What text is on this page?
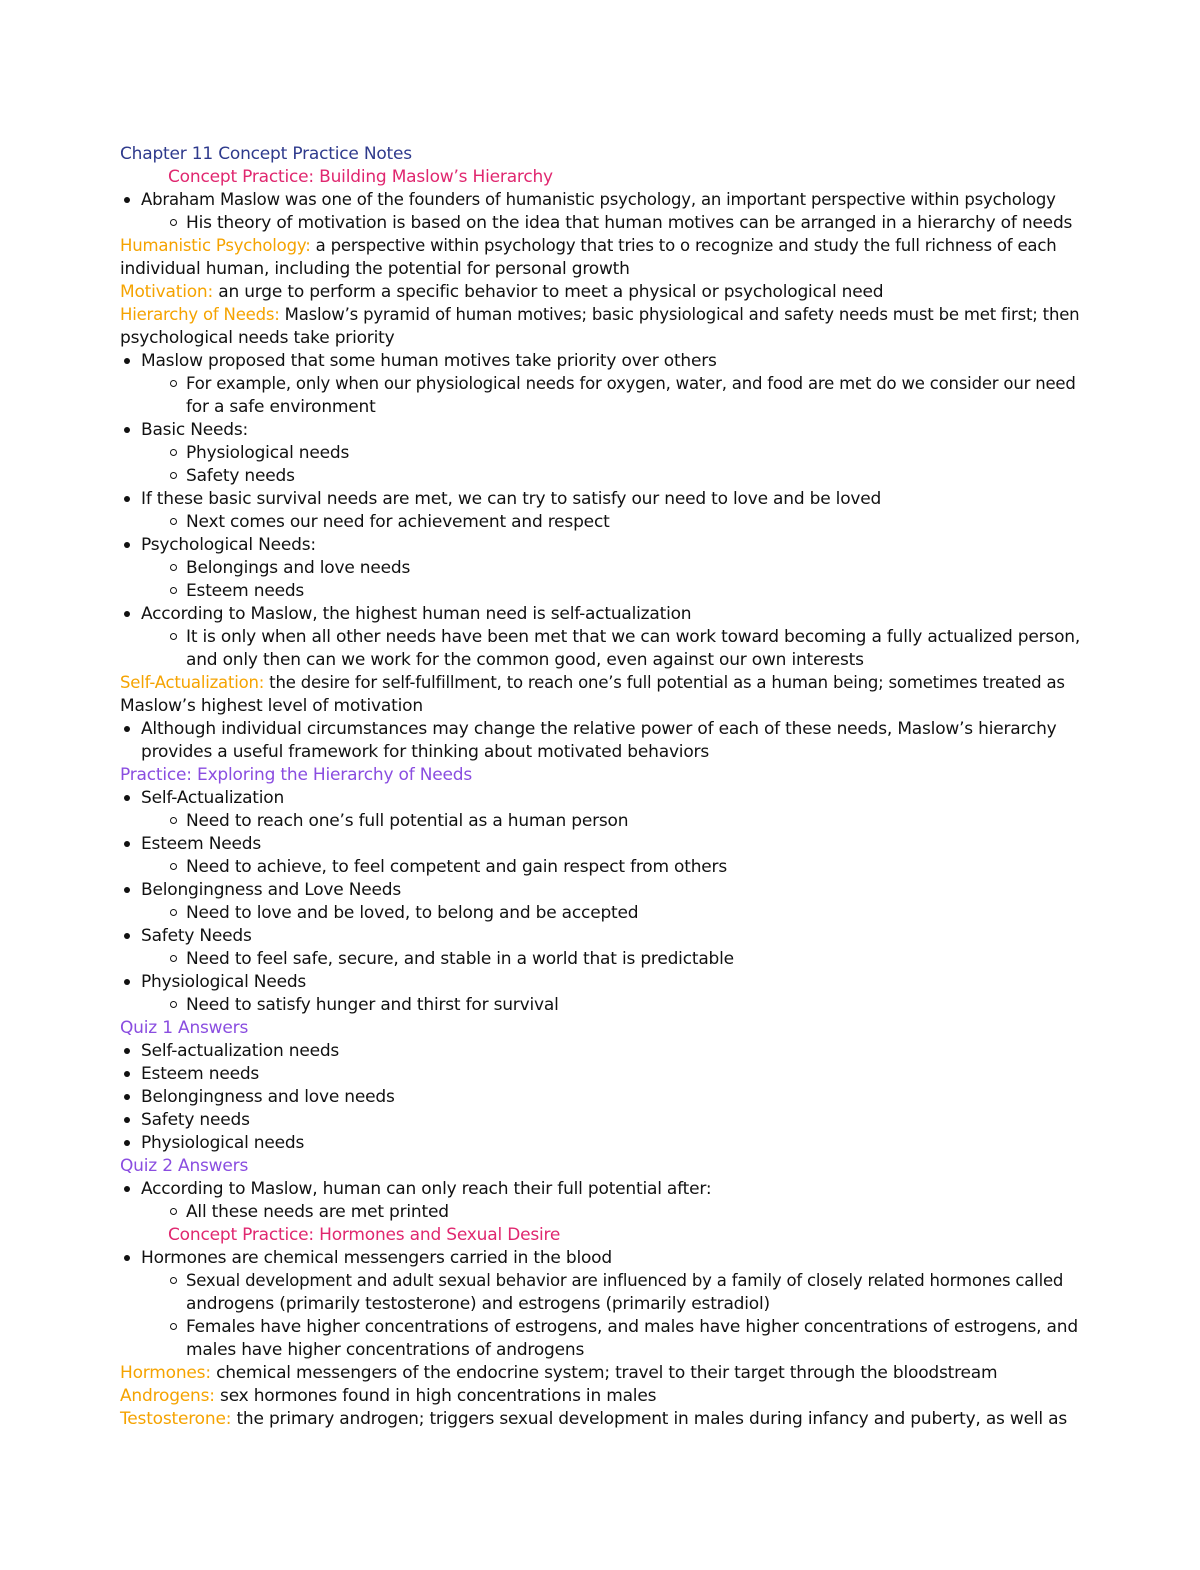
Chapter 11 Concept Practice Notes
Concept Practice: Building Maslow’s Hierarchy
Abraham Maslow was one of the founders of humanistic psychology, an important perspective within psychology
His theory of motivation is based on the idea that human motives can be arranged in a hierarchy of needs
Humanistic Psychology: a perspective within psychology that tries to o recognize and study the full richness of each
individual human, including the potential for personal growth
Motivation: an urge to perform a specific behavior to meet a physical or psychological need
Hierarchy of Needs: Maslow’s pyramid of human motives; basic physiological and safety needs must be met first; then
psychological needs take priority
Maslow proposed that some human motives take priority over others
For example, only when our physiological needs for oxygen, water, and food are met do we consider our need
for a safe environment
Basic Needs:
Physiological needs
Safety needs
If these basic survival needs are met, we can try to satisfy our need to love and be loved
Next comes our need for achievement and respect
Psychological Needs:
Belongings and love needs
Esteem needs
According to Maslow, the highest human need is self-actualization
It is only when all other needs have been met that we can work toward becoming a fully actualized person,
and only then can we work for the common good, even against our own interests
Self-Actualization: the desire for self-fulfillment, to reach one’s full potential as a human being; sometimes treated as
Maslow’s highest level of motivation
Although individual circumstances may change the relative power of each of these needs, Maslow’s hierarchy
provides a useful framework for thinking about motivated behaviors
Practice: Exploring the Hierarchy of Needs
Self-Actualization
Need to reach one’s full potential as a human person
Esteem Needs
Need to achieve, to feel competent and gain respect from others
Belongingness and Love Needs
Need to love and be loved, to belong and be accepted
Safety Needs
Need to feel safe, secure, and stable in a world that is predictable
Physiological Needs
Need to satisfy hunger and thirst for survival
Quiz 1 Answers
Self-actualization needs
Esteem needs
Belongingness and love needs
Safety needs
Physiological needs
Quiz 2 Answers
According to Maslow, human can only reach their full potential after:
All these needs are met printed
Concept Practice: Hormones and Sexual Desire
Hormones are chemical messengers carried in the blood
Sexual development and adult sexual behavior are influenced by a family of closely related hormones called
androgens (primarily testosterone) and estrogens (primarily estradiol)
Females have higher concentrations of estrogens, and males have higher concentrations of estrogens, and
males have higher concentrations of androgens
Hormones: chemical messengers of the endocrine system; travel to their target through the bloodstream
Androgens: sex hormones found in high concentrations in males
Testosterone: the primary androgen; triggers sexual development in males during infancy and puberty, as well as
